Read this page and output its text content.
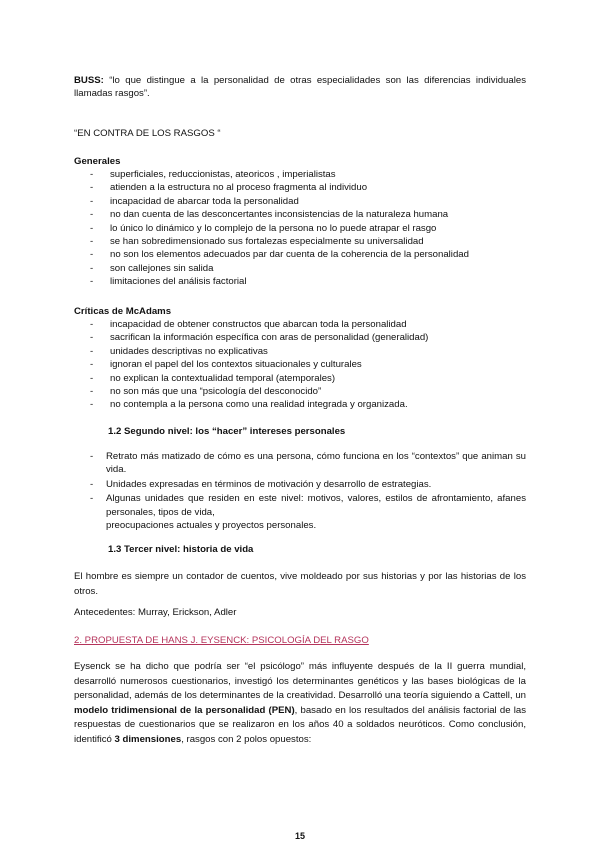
BUSS: “lo que distingue a la personalidad de otras especialidades son las diferencias individuales llamadas rasgos”.

“EN CONTRA DE LOS RASGOS “

Generales

- superficiales, reduccionistas, ateoricos , imperialistas
- atienden a la estructura no al proceso fragmenta al individuo
- incapacidad de abarcar toda la personalidad
- no dan cuenta de las desconcertantes inconsistencias de la naturaleza humana
- lo único lo dinámico y lo complejo de la persona no lo puede atrapar el rasgo
- se han sobredimensionado sus fortalezas especialmente su universalidad
- no son los elementos adecuados par dar cuenta de la coherencia de la personalidad
- son callejones sin salida
- limitaciones del análisis factorial

Críticas de McAdams

- incapacidad de obtener constructos que abarcan toda la personalidad
- sacrifican la información específica con aras de personalidad (generalidad)
- unidades descriptivas no explicativas
- ignoran el papel del los contextos situacionales y culturales
- no explican la contextualidad temporal (atemporales)
- no son más que una “psicología del desconocido”
- no contempla a la persona como una realidad integrada y organizada.

1.2 Segundo nivel: los “hacer” intereses personales

- Retrato más matizado de cómo es una persona, cómo funciona en los “contextos” que animan su vida.
- Unidades expresadas en términos de motivación y desarrollo de estrategias.
- Algunas unidades que residen en este nivel: motivos, valores, estilos de afrontamiento, afanes personales, tipos de vida,
preocupaciones actuales y proyectos personales.

1.3 Tercer nivel: historia de vida

El hombre es siempre un contador de cuentos, vive moldeado por sus historias y por las historias de los otros.

Antecedentes: Murray, Erickson, Adler

2. PROPUESTA DE HANS J. EYSENCK: PSICOLOGÍA DEL RASGO

Eysenck se ha dicho que podría ser “el psicólogo” más influyente después de la II guerra mundial, desarrolló numerosos cuestionarios, investigó los determinantes genéticos y las bases biológicas de la personalidad, además de los determinantes de la creatividad. Desarrolló una teoría siguiendo a Cattell, un modelo tridimensional de la personalidad (PEN), basado en los resultados del análisis factorial de las respuestas de cuestionarios que se realizaron en los años 40 a soldados neuróticos. Como conclusión, identificó 3 dimensiones, rasgos con 2 polos opuestos:

15
